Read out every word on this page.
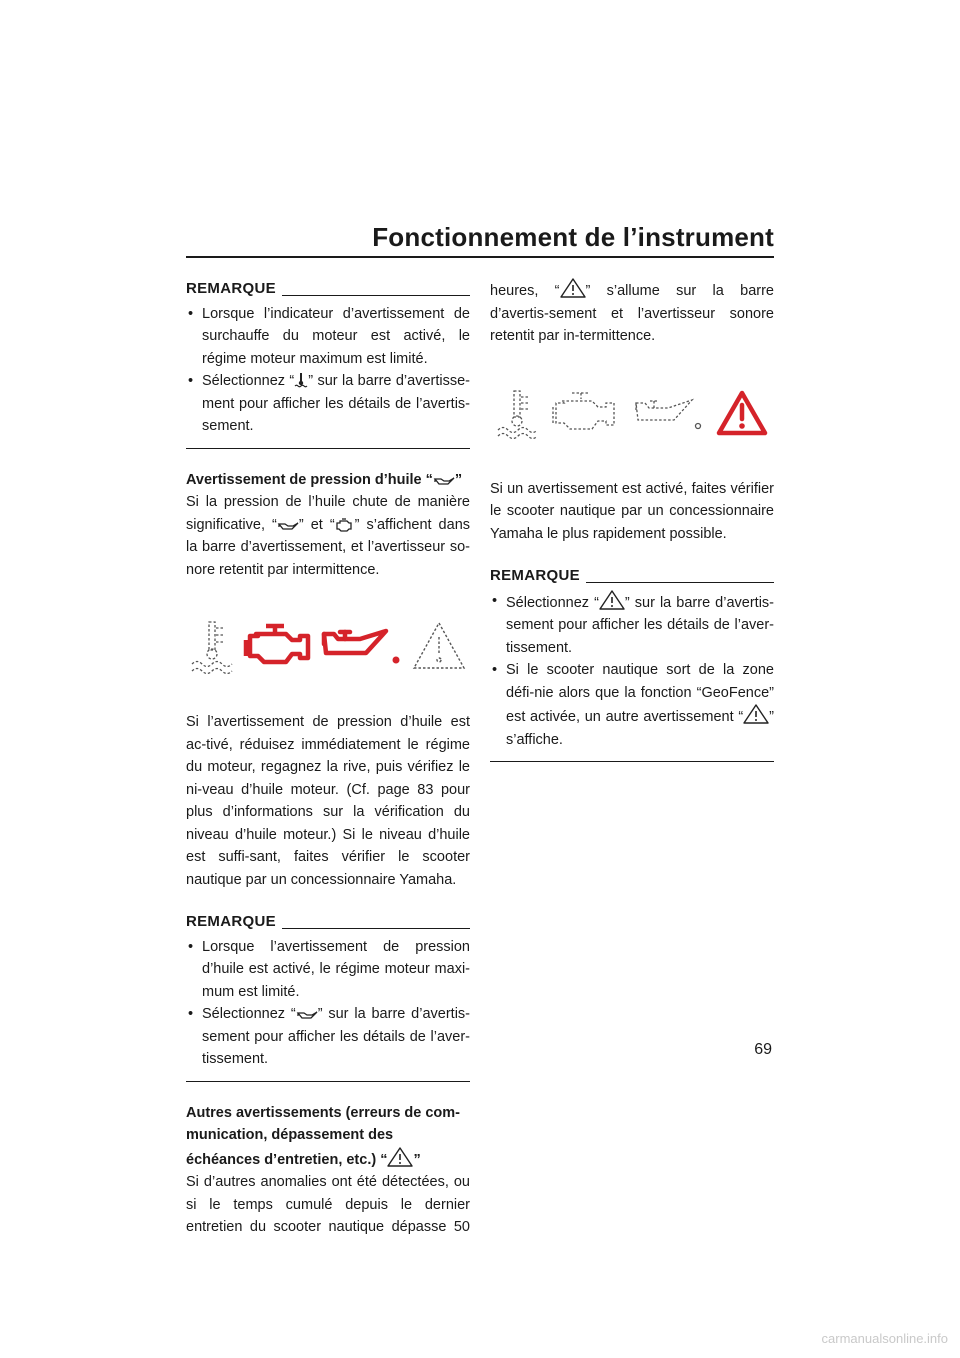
Fonctionnement de l’instrument
REMARQUE
• Lorsque l’indicateur d’avertissement de surchauffe du moteur est activé, le régime moteur maximum est limité.
• Sélectionnez “ ” sur la barre d’avertisse-ment pour afficher les détails de l’avertis-sement.
Avertissement de pression d’huile “ ”

Si la pression de l’huile chute de manière significative, “ ” et “ ” s’affichent dans la barre d’avertissement, et l’avertisseur so-nore retentit par intermittence.

Si l’avertissement de pression d’huile est ac-tivé, réduisez immédiatement le régime du moteur, regagnez la rive, puis vérifiez le ni-veau d’huile moteur. (Cf. page 83 pour plus d’informations sur la vérification du niveau d’huile moteur.) Si le niveau d’huile est suffi-sant, faites vérifier le scooter nautique par un concessionnaire Yamaha.

REMARQUE
• Lorsque l’avertissement de pression d’huile est activé, le régime moteur maxi-mum est limité.
• Sélectionnez “ ” sur la barre d’avertis-sement pour afficher les détails de l’aver-tissement.
Autres avertissements (erreurs de com-munication, dépassement des échéances d’entretien, etc.) “ ”

Si d’autres anomalies ont été détectées, ou si le temps cumulé depuis le dernier entretien du scooter nautique dépasse 50

heures, “ ” s’allume sur la barre d’avertis-sement et l’avertisseur sonore retentit par in-termittence.

Si un avertissement est activé, faites vérifier le scooter nautique par un concessionnaire Yamaha le plus rapidement possible.

REMARQUE
• Sélectionnez “ ” sur la barre d’avertis-sement pour afficher les détails de l’aver-tissement.
• Si le scooter nautique sort de la zone défi-nie alors que la fonction “GeoFence” est activée, un autre avertissement “ ” s’affiche.
69
carmanualsonline.info
